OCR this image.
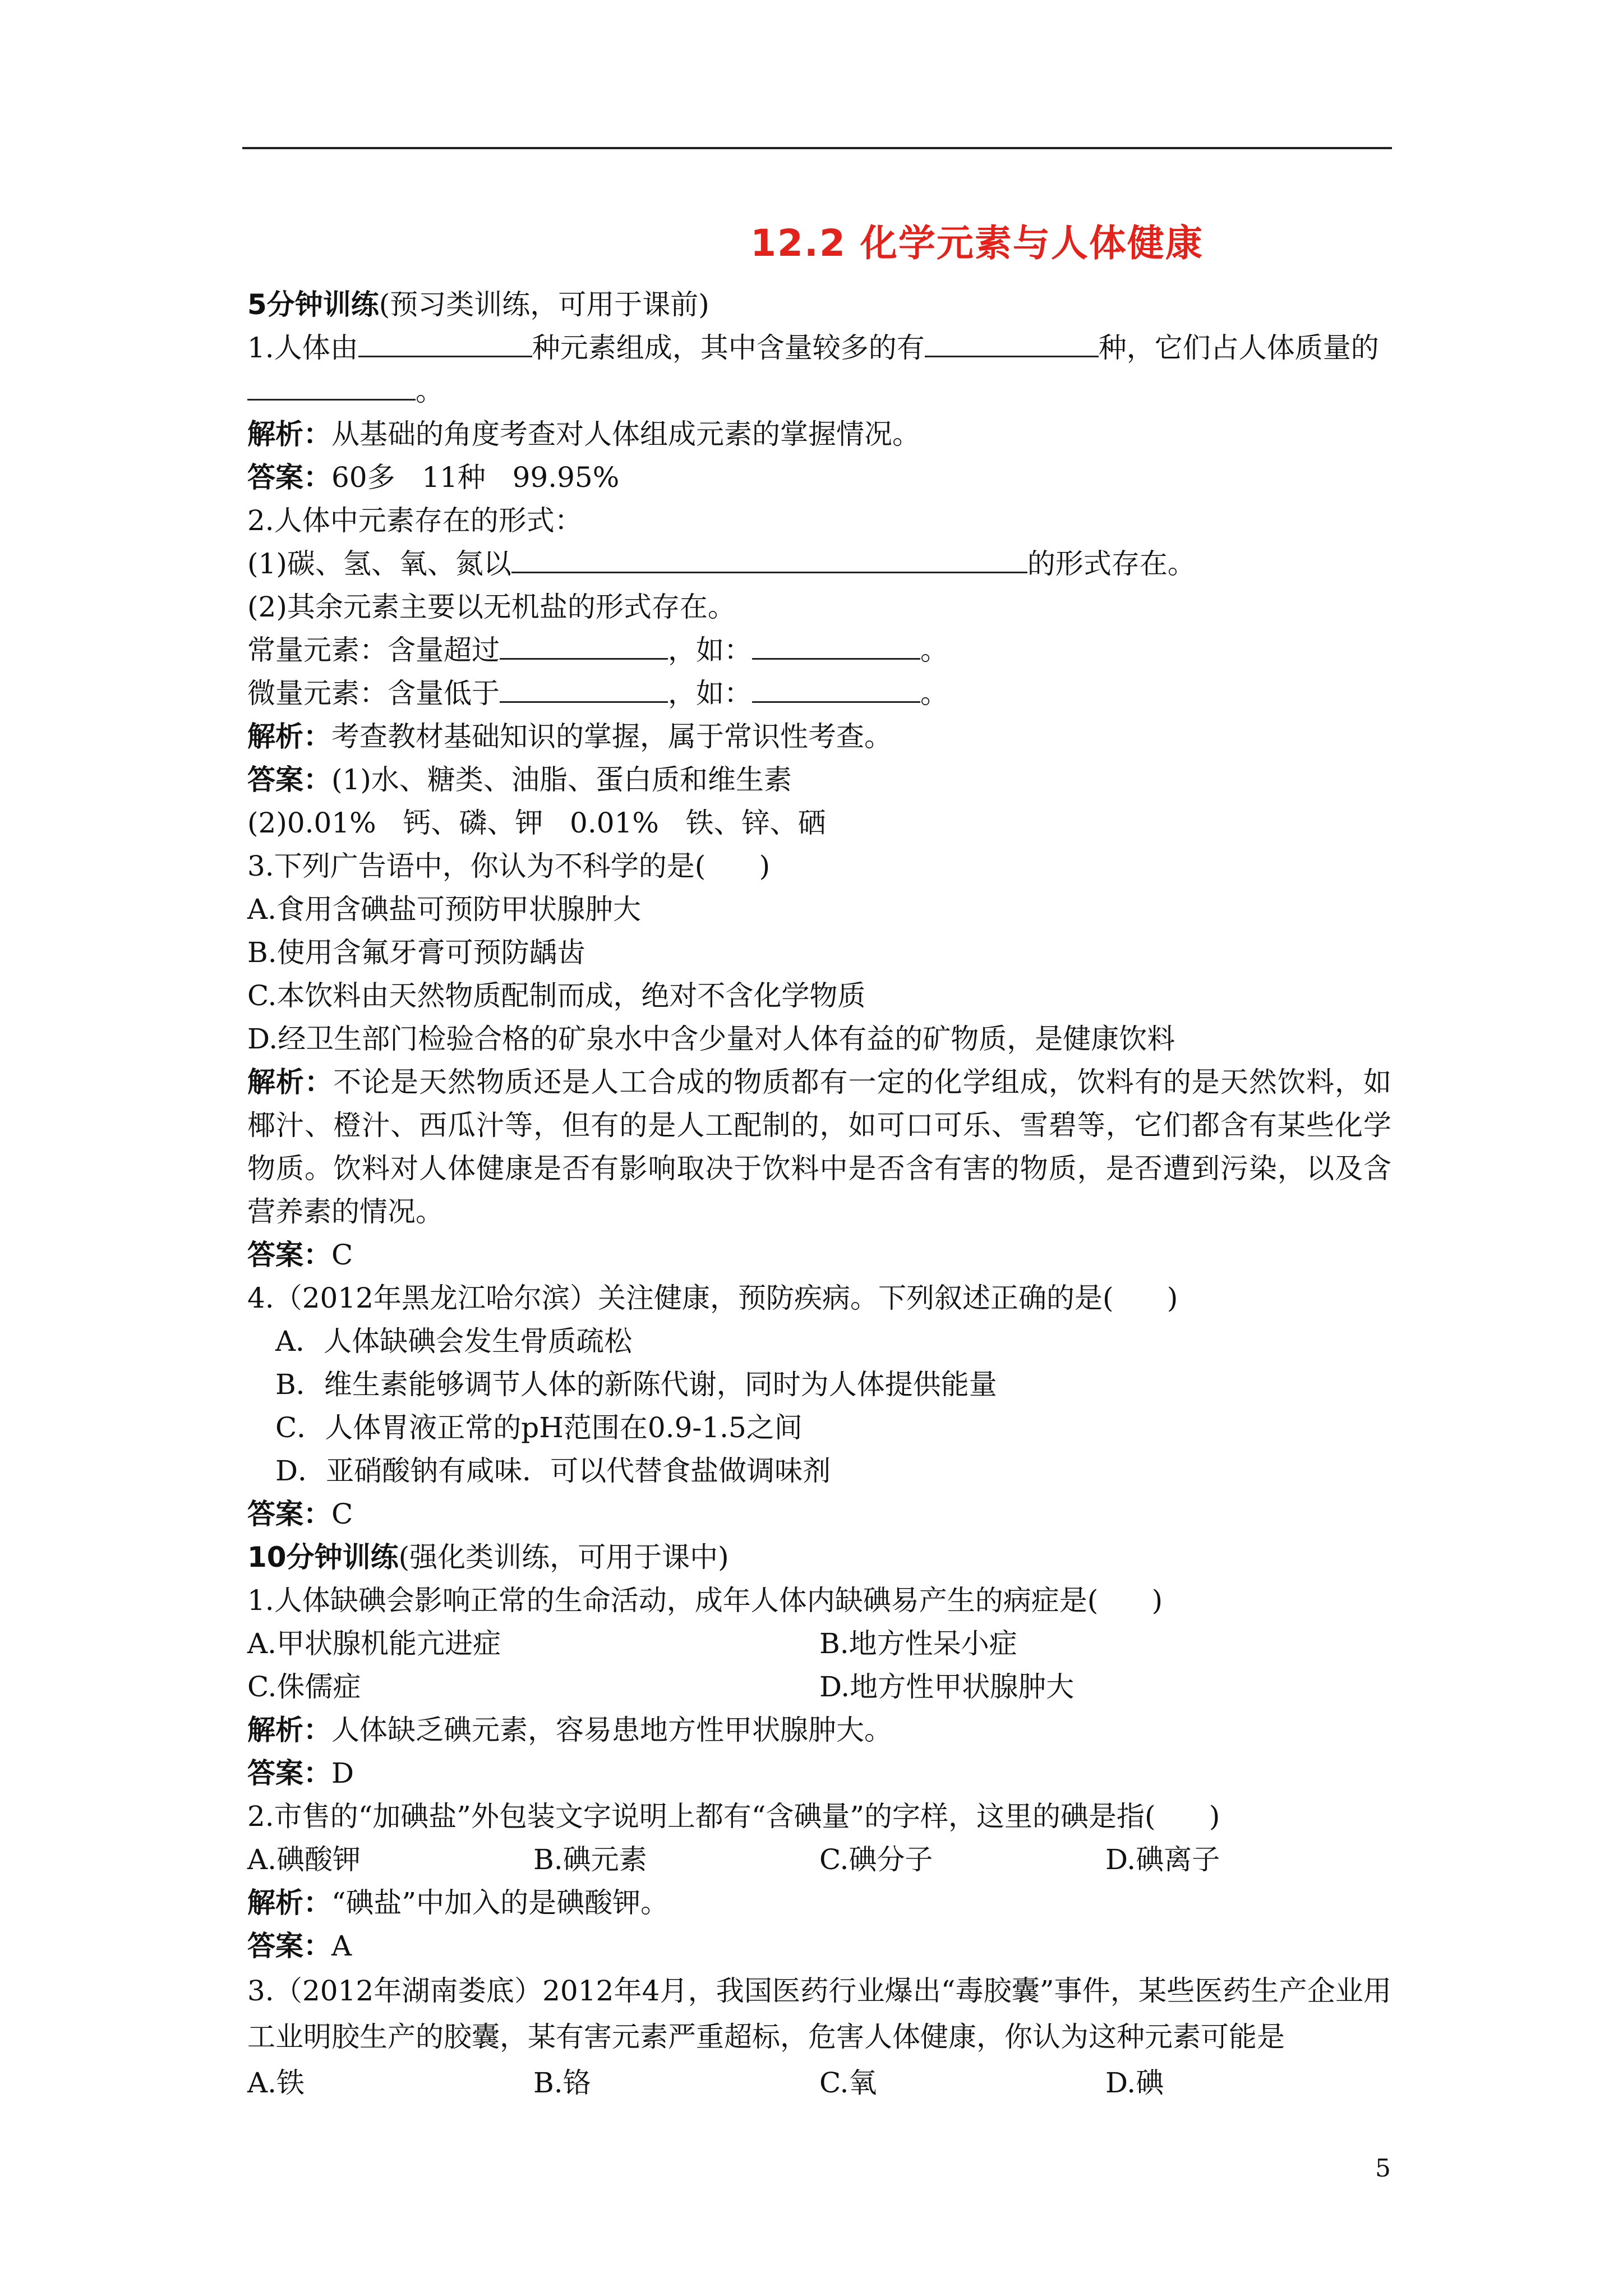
12.2 化学元素与人体健康
5分钟训练(预习类训练，可用于课前)
1.人体由	种元素组成，其中含量较多的有	种，它们占人体质量的
。
解析：从基础的角度考查对人体组成元素的掌握情况。
答案：60多   11种   99.95%
2.人体中元素存在的形式：
(1)碳、氢、氧、氮以	的形式存在。
(2)其余元素主要以无机盐的形式存在。
常量元素：含量超过	，如：	。
微量元素：含量低于	，如：	。
解析：考查教材基础知识的掌握，属于常识性考查。
答案：(1)水、糖类、油脂、蛋白质和维生素
(2)0.01%   钙、磷、钾   0.01%   铁、锌、硒
3.下列广告语中，你认为不科学的是(      )
A.食用含碘盐可预防甲状腺肿大
B.使用含氟牙膏可预防龋齿
C.本饮料由天然物质配制而成，绝对不含化学物质
D.经卫生部门检验合格的矿泉水中含少量对人体有益的矿物质，是健康饮料
解析：不论是天然物质还是人工合成的物质都有一定的化学组成，饮料有的是天然饮料，如椰汁、橙汁、西瓜汁等，但有的是人工配制的，如可口可乐、雪碧等，它们都含有某些化学物质。饮料对人体健康是否有影响取决于饮料中是否含有害的物质，是否遭到污染，以及含营养素的情况。
答案：C
4.（2012年黑龙江哈尔滨）关注健康，预防疾病。下列叙述正确的是(      )
A．人体缺碘会发生骨质疏松
B．维生素能够调节人体的新陈代谢，同时为人体提供能量
C．人体胃液正常的pH范围在0.9-1.5之间
D．亚硝酸钠有咸味．可以代替食盐做调味剂
答案：C
10分钟训练(强化类训练，可用于课中)
1.人体缺碘会影响正常的生命活动，成年人体内缺碘易产生的病症是(      )
A.甲状腺机能亢进症	B.地方性呆小症
C.侏儒症	D.地方性甲状腺肿大
解析：人体缺乏碘元素，容易患地方性甲状腺肿大。
答案：D
2.市售的“加碘盐”外包装文字说明上都有“含碘量”的字样，这里的碘是指(      )
A.碘酸钾	B.碘元素	C.碘分子	D.碘离子
解析：“碘盐”中加入的是碘酸钾。
答案：A
3.（2012年湖南娄底）2012年4月，我国医药行业爆出“毒胶囊”事件，某些医药生产企业用工业明胶生产的胶囊，某有害元素严重超标，危害人体健康，你认为这种元素可能是
A.铁	B.铬	C.氧	D.碘
5
